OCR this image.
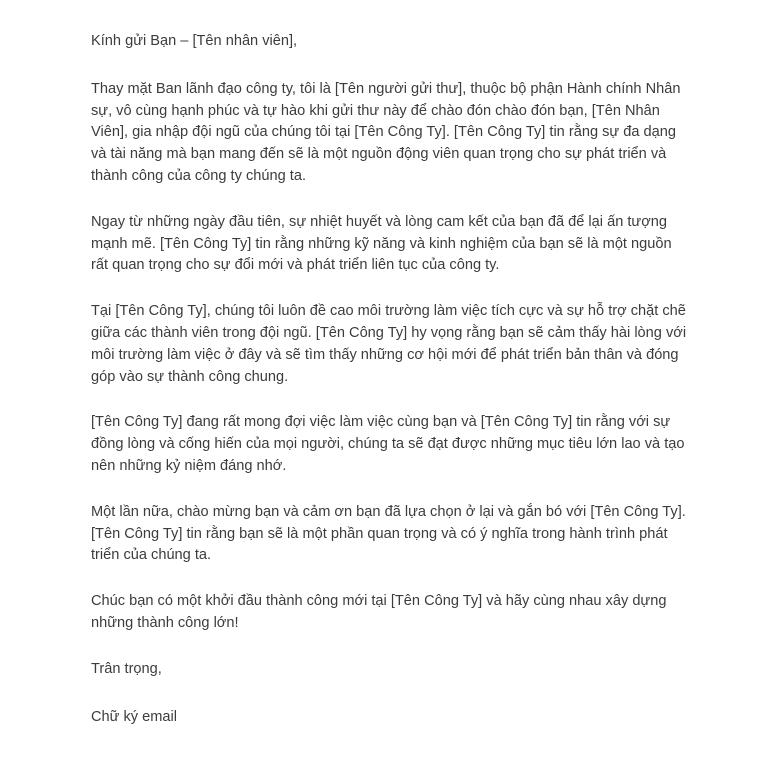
Kính gửi Bạn – [Tên nhân viên],

Thay mặt Ban lãnh đạo công ty, tôi là [Tên người gửi thư], thuộc bộ phận Hành chính Nhân sự, vô cùng hạnh phúc và tự hào khi gửi thư này để chào đón chào đón bạn, [Tên Nhân Viên], gia nhập đội ngũ của chúng tôi tại [Tên Công Ty]. [Tên Công Ty] tin rằng sự đa dạng và tài năng mà bạn mang đến sẽ là một nguồn động viên quan trọng cho sự phát triển và thành công của công ty chúng ta.

Ngay từ những ngày đầu tiên, sự nhiệt huyết và lòng cam kết của bạn đã để lại ấn tượng mạnh mẽ. [Tên Công Ty] tin rằng những kỹ năng và kinh nghiệm của bạn sẽ là một nguồn rất quan trọng cho sự đổi mới và phát triển liên tục của công ty.

Tại [Tên Công Ty], chúng tôi luôn đề cao môi trường làm việc tích cực và sự hỗ trợ chặt chẽ giữa các thành viên trong đội ngũ. [Tên Công Ty] hy vọng rằng bạn sẽ cảm thấy hài lòng với môi trường làm việc ở đây và sẽ tìm thấy những cơ hội mới để phát triển bản thân và đóng góp vào sự thành công chung.

[Tên Công Ty] đang rất mong đợi việc làm việc cùng bạn và [Tên Công Ty] tin rằng với sự đồng lòng và cống hiến của mọi người, chúng ta sẽ đạt được những mục tiêu lớn lao và tạo nên những kỷ niệm đáng nhớ.

Một lần nữa, chào mừng bạn và cảm ơn bạn đã lựa chọn ở lại và gắn bó với [Tên Công Ty]. [Tên Công Ty] tin rằng bạn sẽ là một phần quan trọng và có ý nghĩa trong hành trình phát triển của chúng ta.

Chúc bạn có một khởi đầu thành công mới tại [Tên Công Ty] và hãy cùng nhau xây dựng những thành công lớn!

Trân trọng,

Chữ ký email
